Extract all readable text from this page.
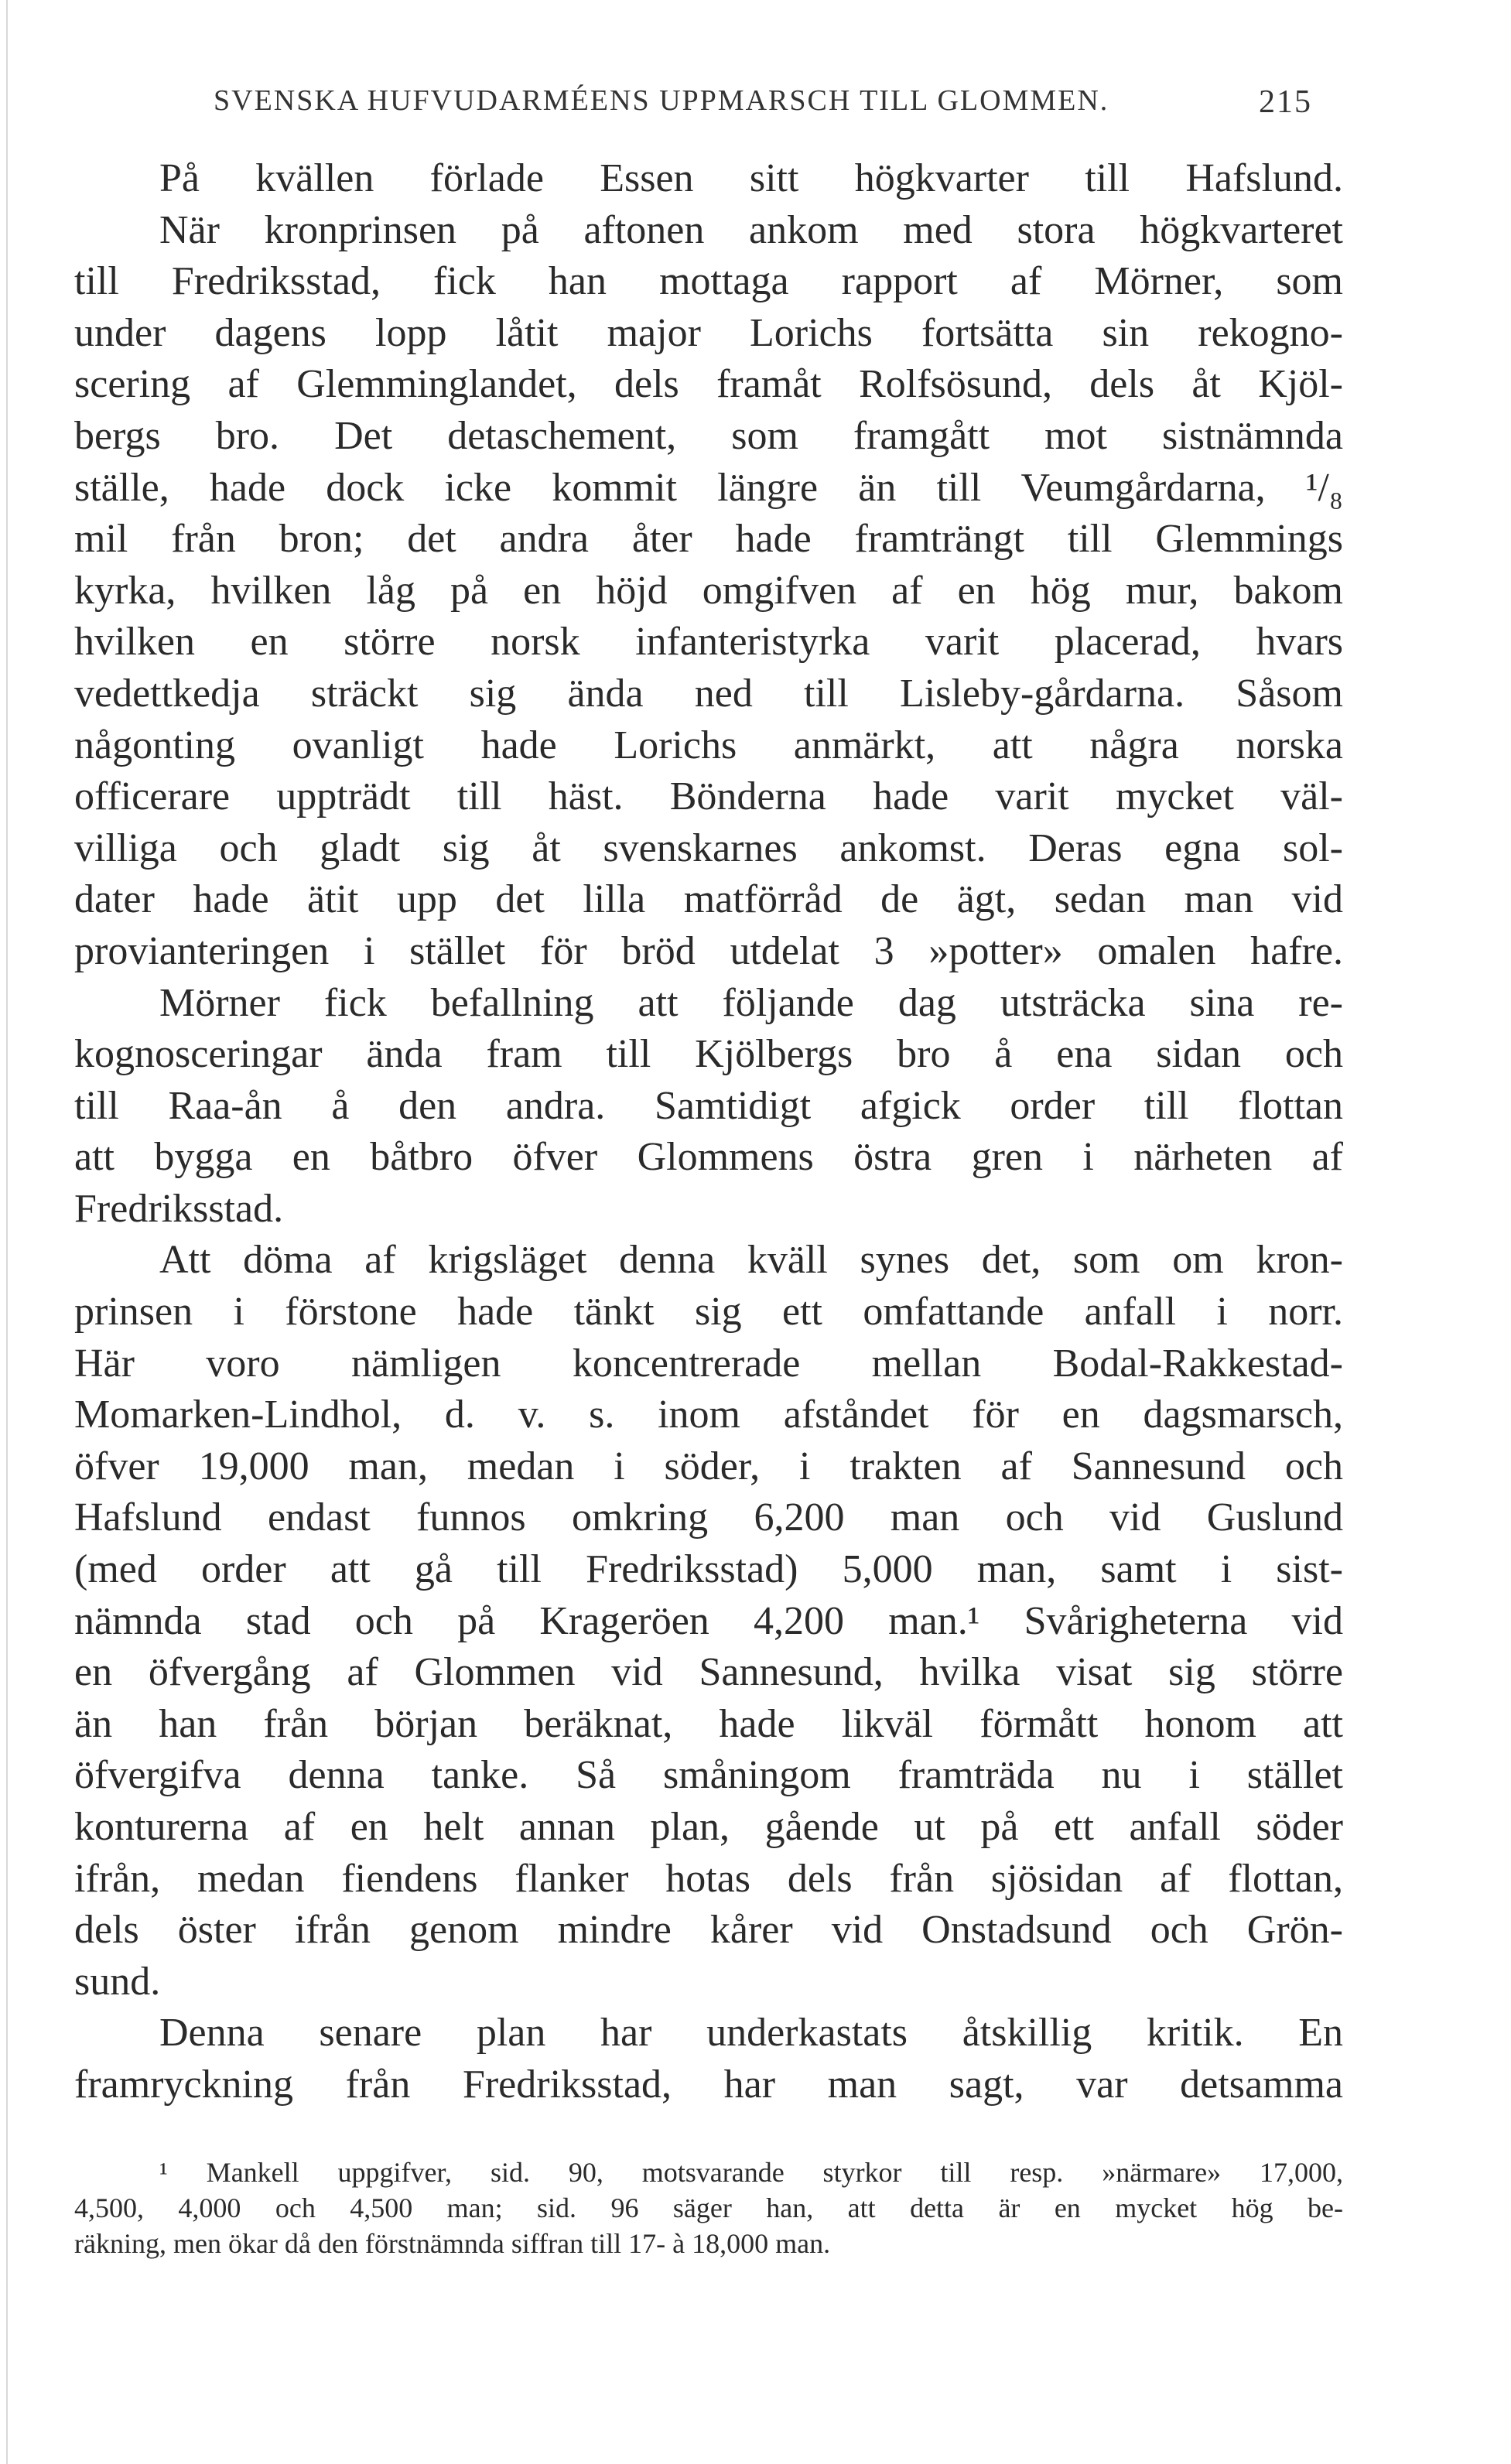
SVENSKA HUFVUDARMÉENS UPPMARSCH TILL GLOMMEN.	215
På kvällen förlade Essen sitt högkvarter till Hafslund.
När kronprinsen på aftonen ankom med stora högkvarteret
till Fredriksstad, fick han mottaga rapport af Mörner, som
under dagens lopp låtit major Lorichs fortsätta sin rekogno-
scering af Glemminglandet, dels framåt Rolfsösund, dels åt Kjöl-
bergs bro. Det detaschement, som framgått mot sistnämnda
ställe, hade dock icke kommit längre än till Veumgårdarna, ¹/₈
mil från bron; det andra åter hade framträngt till Glemmings
kyrka, hvilken låg på en höjd omgifven af en hög mur, bakom
hvilken en större norsk infanteristyrka varit placerad, hvars
vedettkedja sträckt sig ända ned till Lisleby-gårdarna. Såsom
någonting ovanligt hade Lorichs anmärkt, att några norska
officerare uppträdt till häst. Bönderna hade varit mycket väl-
villiga och gladt sig åt svenskarnes ankomst. Deras egna sol-
dater hade ätit upp det lilla matförråd de ägt, sedan man vid
provianteringen i stället för bröd utdelat 3 »potter» omalen hafre.
Mörner fick befallning att följande dag utsträcka sina re-
kognosceringar ända fram till Kjölbergs bro å ena sidan och
till Raa-ån å den andra. Samtidigt afgick order till flottan
att bygga en båtbro öfver Glommens östra gren i närheten af
Fredriksstad.
Att döma af krigsläget denna kväll synes det, som om kron-
prinsen i förstone hade tänkt sig ett omfattande anfall i norr.
Här voro nämligen koncentrerade mellan Bodal-Rakkestad-
Momarken-Lindhol, d. v. s. inom afståndet för en dagsmarsch,
öfver 19,000 man, medan i söder, i trakten af Sannesund och
Hafslund endast funnos omkring 6,200 man och vid Guslund
(med order att gå till Fredriksstad) 5,000 man, samt i sist-
nämnda stad och på Krageröen 4,200 man.¹ Svårigheterna vid
en öfvergång af Glommen vid Sannesund, hvilka visat sig större
än han från början beräknat, hade likväl förmått honom att
öfvergifva denna tanke. Så småningom framträda nu i stället
konturerna af en helt annan plan, gående ut på ett anfall söder
ifrån, medan fiendens flanker hotas dels från sjösidan af flottan,
dels öster ifrån genom mindre kårer vid Onstadsund och Grön-
sund.
Denna senare plan har underkastats åtskillig kritik. En
framryckning från Fredriksstad, har man sagt, var detsamma
¹ Mankell uppgifver, sid. 90, motsvarande styrkor till resp. »närmare» 17,000,
4,500, 4,000 och 4,500 man; sid. 96 säger han, att detta är en mycket hög be-
räkning, men ökar då den förstnämnda siffran till 17- à 18,000 man.
